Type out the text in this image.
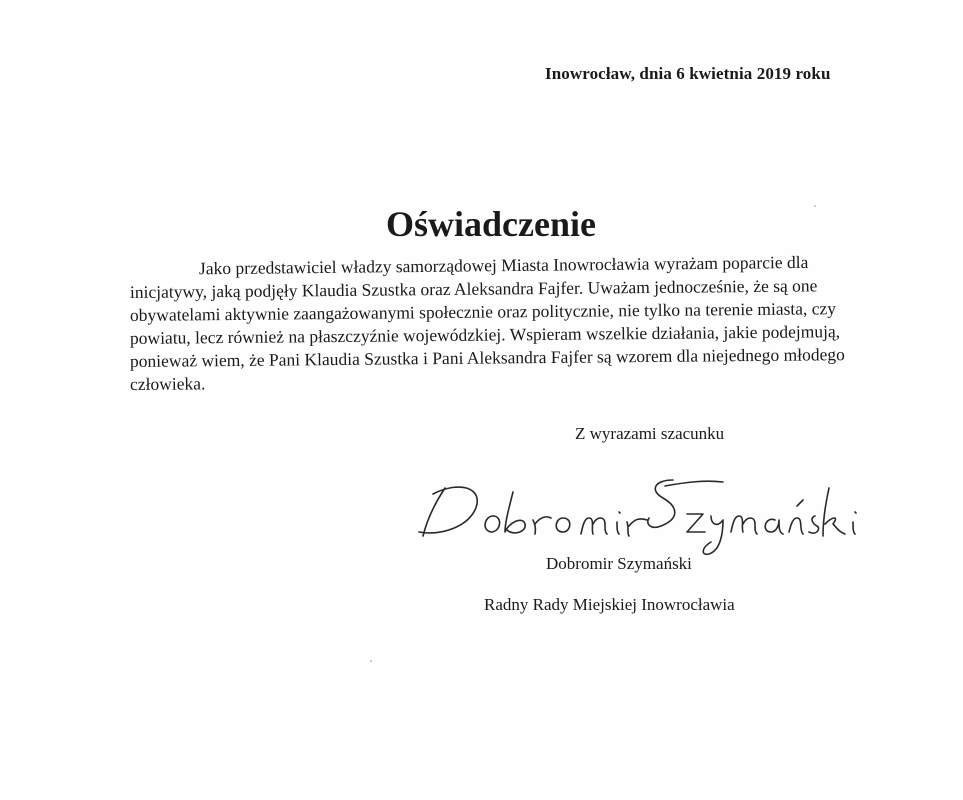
Inowrocław, dnia 6 kwietnia 2019 roku
Oświadczenie
Jako przedstawiciel władzy samorządowej Miasta Inowrocławia wyrażam poparcie dla
inicjatywy, jaką podjęły Klaudia Szustka oraz Aleksandra Fajfer. Uważam jednocześnie, że są one
obywatelami aktywnie zaangażowanymi społecznie oraz politycznie, nie tylko na terenie miasta, czy
powiatu, lecz również na płaszczyźnie wojewódzkiej. Wspieram wszelkie działania, jakie podejmują,
ponieważ wiem, że Pani Klaudia Szustka i Pani Aleksandra Fajfer są wzorem dla niejednego młodego
człowieka.
Z wyrazami szacunku
Dobromir Szymański
Radny Rady Miejskiej Inowrocławia
